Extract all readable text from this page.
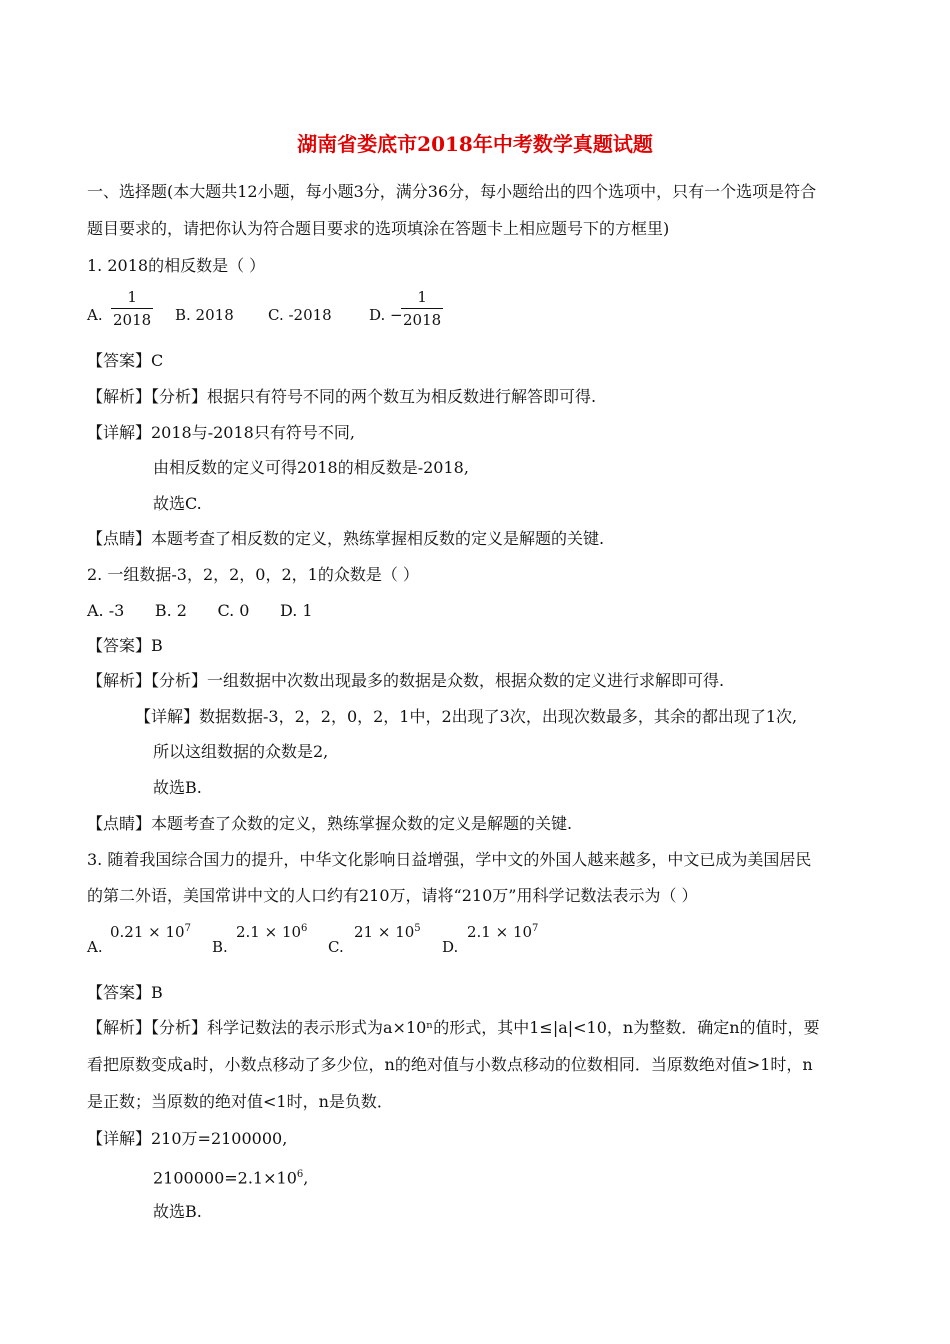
湖南省娄底市2018年中考数学真题试题
一、选择题(本大题共12小题，每小题3分，满分36分，每小题给出的四个选项中，只有一个选项是符合
题目要求的，请把你认为符合题目要求的选项填涂在答题卡上相应题号下的方框里)
1. 2018的相反数是（ ）
A. $\frac{1}{2018} B$. 2018 C. -2018 D. −
$\frac{1}{2018}$
【答案】C
【解析】【分析】根据只有符号不同的两个数互为相反数进行解答即可得.
【详解】2018与-2018只有符号不同,
由相反数的定义可得2018的相反数是-2018,
故选C.
【点睛】本题考查了相反数的定义，熟练掌握相反数的定义是解题的关键.
2. 一组数据-3，2，2，0，2，1的众数是（ ）
A. -3      B. 2      C. 0      D. 1
【答案】B
【解析】【分析】一组数据中次数出现最多的数据是众数，根据众数的定义进行求解即可得.
【详解】数据数据-3，2，2，0，2，1中，2出现了3次，出现次数最多，其余的都出现了1次,
所以这组数据的众数是2,
故选B.
【点睛】本题考查了众数的定义，熟练掌握众数的定义是解题的关键.
3. 随着我国综合国力的提升，中华文化影响日益增强，学中文的外国人越来越多，中文已成为美国居民
的第二外语，美国常讲中文的人口约有210万，请将“210万”用科学记数法表示为（ ）
A.
$0.21 \times 10^7$
B.
$2.1 \times 10^6$
C.
$21 \times 10^5$
D.
$2.1 \times 10^7$
【答案】B
【解析】【分析】科学记数法的表示形式为a×10ⁿ的形式，其中1≤|a|<10，n为整数．确定n的值时，要
看把原数变成a时，小数点移动了多少位，n的绝对值与小数点移动的位数相同．当原数绝对值>1时，n
是正数；当原数的绝对值<1时，n是负数．
【详解】210万=2100000,
$2100000=2.1\times 10^6$,
故选B.
